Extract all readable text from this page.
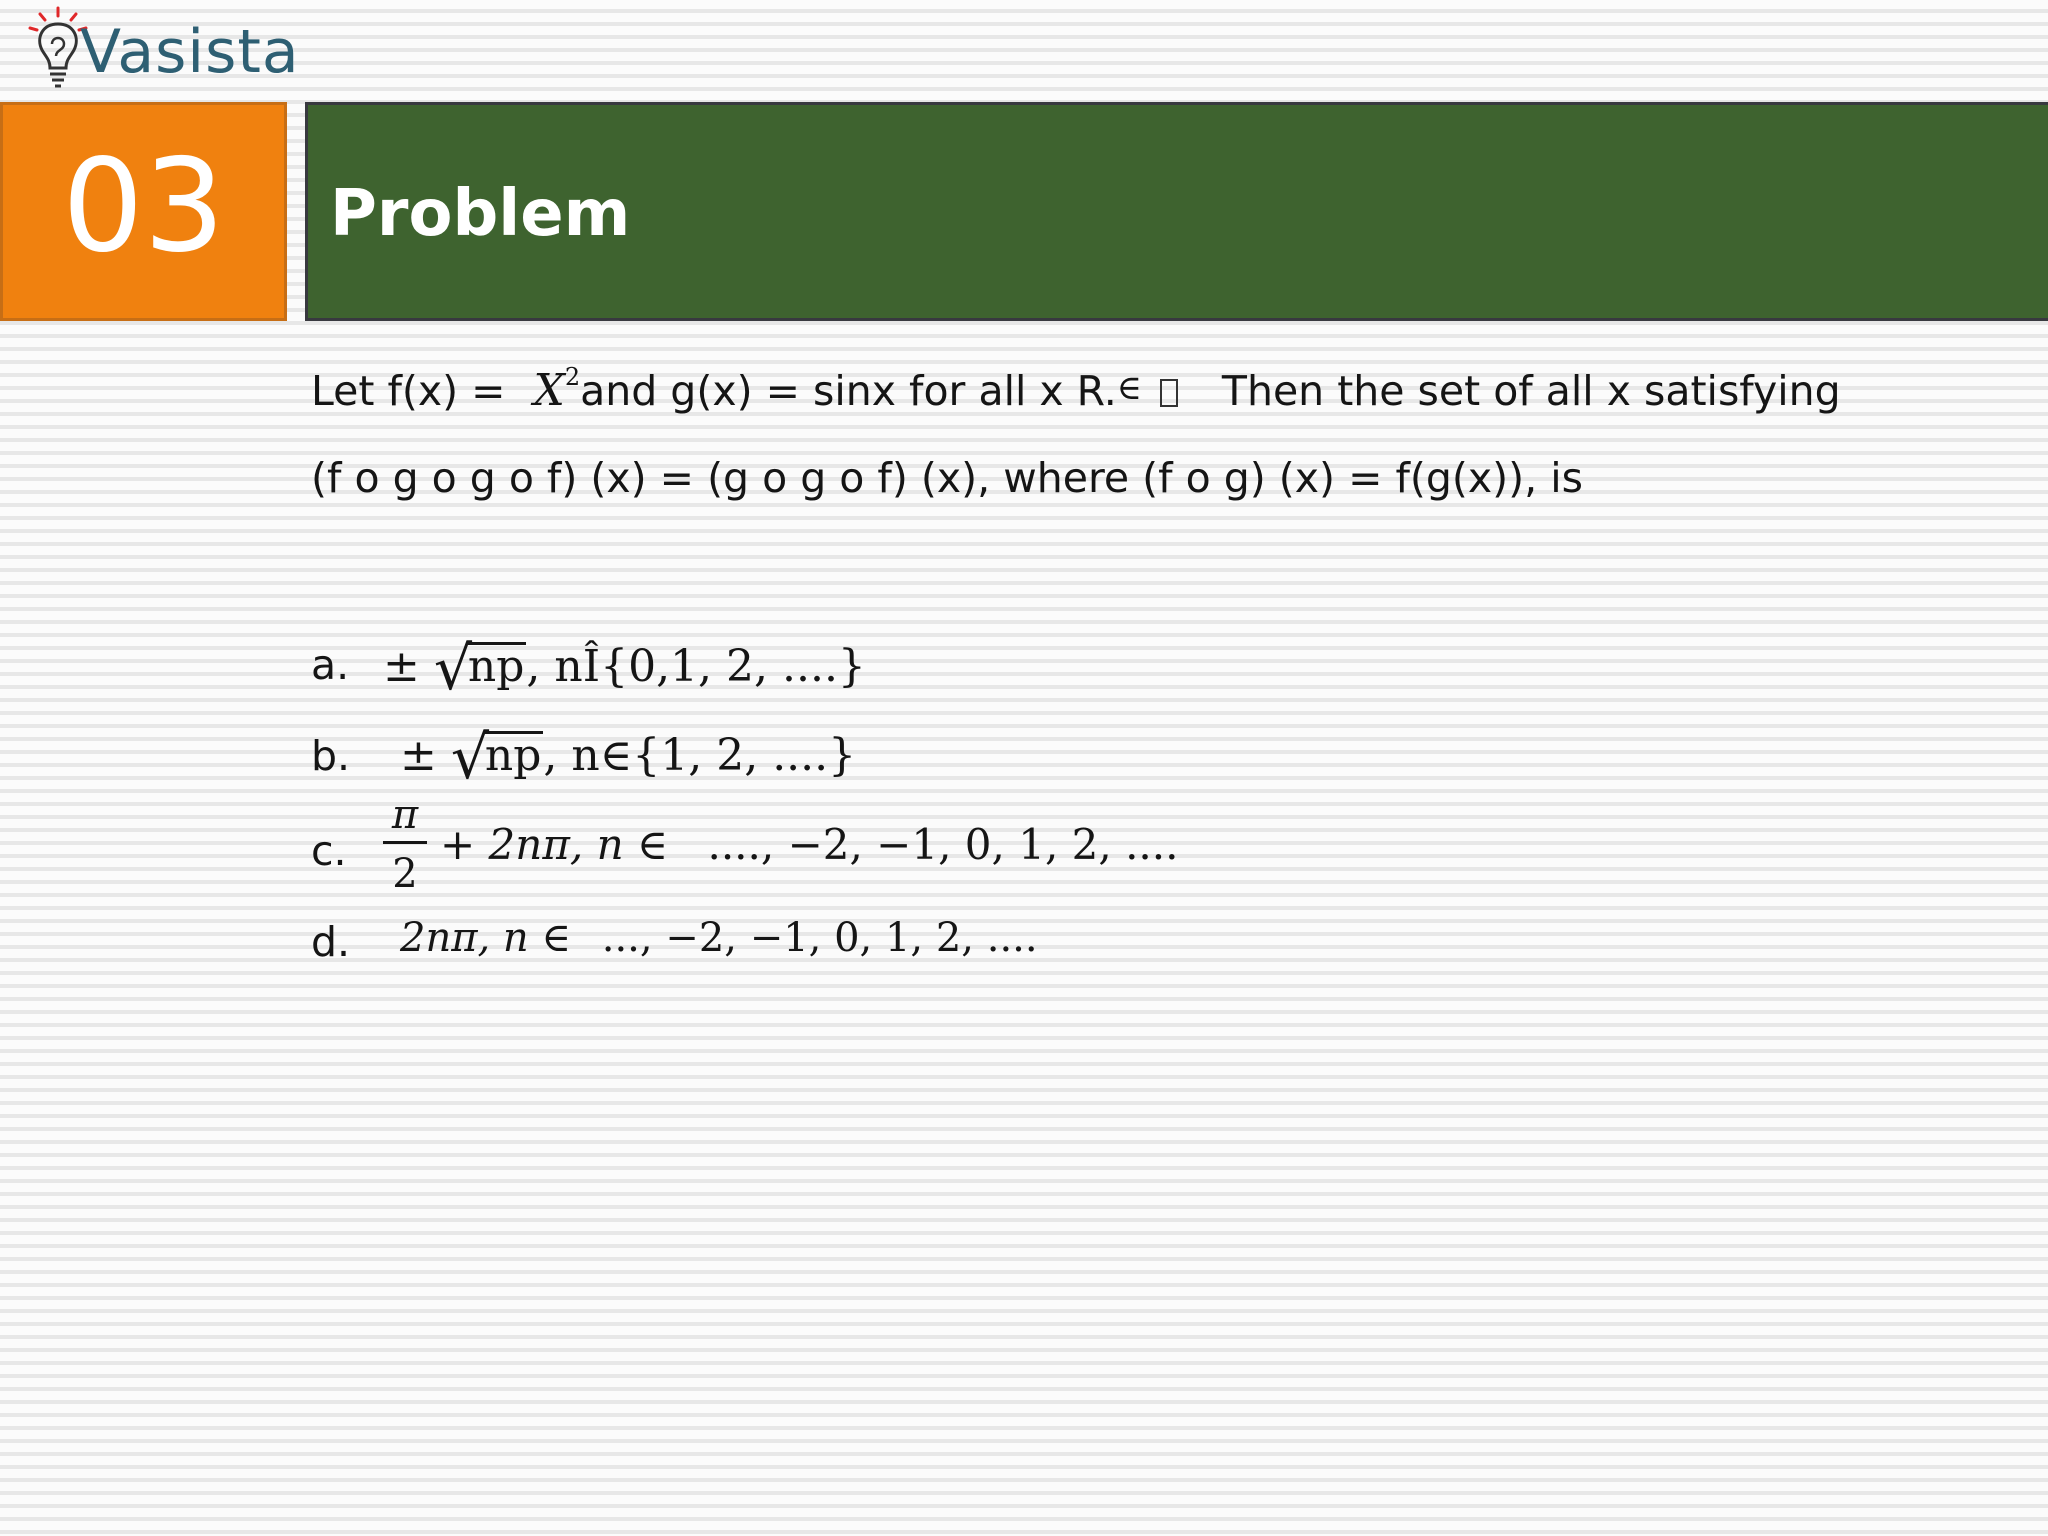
Vasista
03	Problem
Let $f(x) = X^2and$ g(x) = sinx for all x R.∈ Then the set of all x satisfying
(f o g o g o f) (x) = (g o g o f) (x), where (f o g) (x) = f(g(x)), is
a. ± √
np, nÎ{0,1, 2, ....}
b. ± √
np, n∈{1, 2, ....}
c.
π
2
+ 2nπ, n ∈ ...., −2, −1, 0, 1, 2, ....
d. 2nπ, n ∈ ..., −2, −1, 0, 1, 2, ....
